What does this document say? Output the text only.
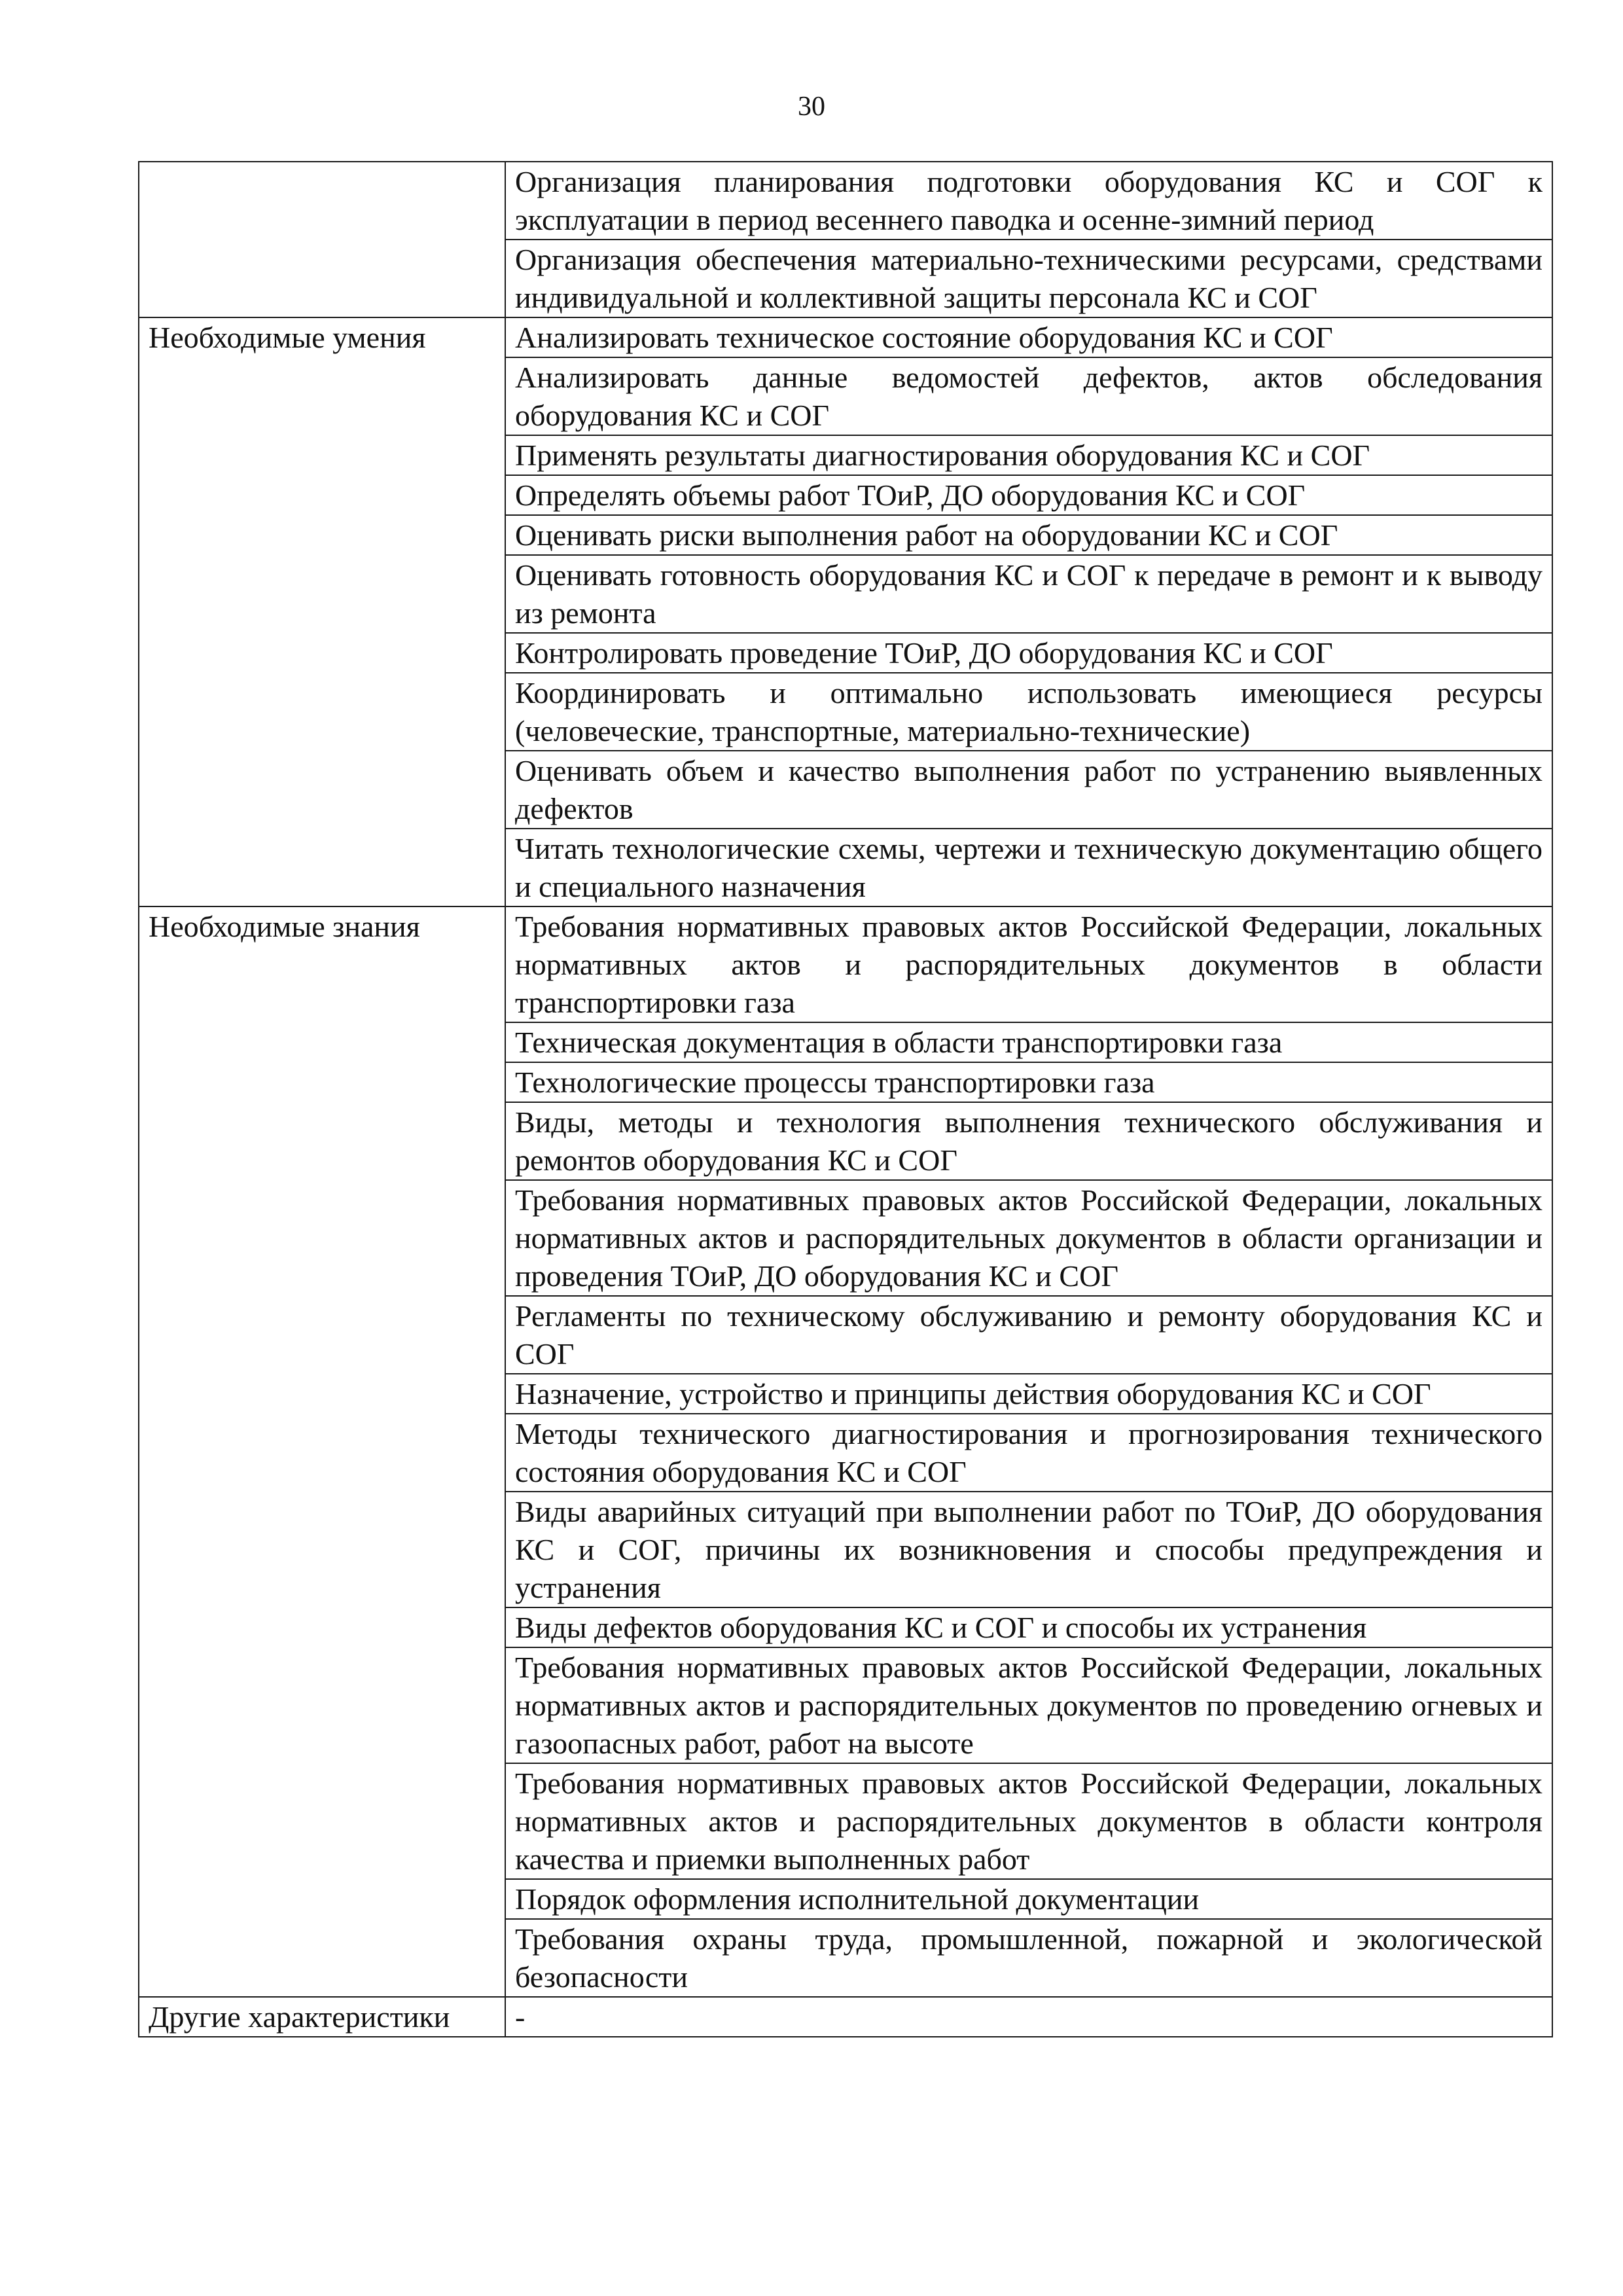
30
	Организация планирования подготовки оборудования КС и СОГ к эксплуатации в период весеннего паводка и осенне-зимний период
	Организация обеспечения материально-техническими ресурсами, средствами индивидуальной и коллективной защиты персонала КС и СОГ
Необходимые умения	Анализировать техническое состояние оборудования КС и СОГ
	Анализировать данные ведомостей дефектов, актов обследования оборудования КС и СОГ
	Применять результаты диагностирования оборудования КС и СОГ
	Определять объемы работ ТОиР, ДО оборудования КС и СОГ
	Оценивать риски выполнения работ на оборудовании КС и СОГ
	Оценивать готовность оборудования КС и СОГ к передаче в ремонт и к выводу из ремонта
	Контролировать проведение ТОиР, ДО оборудования КС и СОГ
	Координировать и оптимально использовать имеющиеся ресурсы (человеческие, транспортные, материально-технические)
	Оценивать объем и качество выполнения работ по устранению выявленных дефектов
	Читать технологические схемы, чертежи и техническую документацию общего и специального назначения
Необходимые знания	Требования нормативных правовых актов Российской Федерации, локальных нормативных актов и распорядительных документов в области транспортировки газа
	Техническая документация в области транспортировки газа
	Технологические процессы транспортировки газа
	Виды, методы и технология выполнения технического обслуживания и ремонтов оборудования КС и СОГ
	Требования нормативных правовых актов Российской Федерации, локальных нормативных актов и распорядительных документов в области организации и проведения ТОиР, ДО оборудования КС и СОГ
	Регламенты по техническому обслуживанию и ремонту оборудования КС и СОГ
	Назначение, устройство и принципы действия оборудования КС и СОГ
	Методы технического диагностирования и прогнозирования технического состояния оборудования КС и СОГ
	Виды аварийных ситуаций при выполнении работ по ТОиР, ДО оборудования КС и СОГ, причины их возникновения и способы предупреждения и устранения
	Виды дефектов оборудования КС и СОГ и способы их устранения
	Требования нормативных правовых актов Российской Федерации, локальных нормативных актов и распорядительных документов по проведению огневых и газоопасных работ, работ на высоте
	Требования нормативных правовых актов Российской Федерации, локальных нормативных актов и распорядительных документов в области контроля качества и приемки выполненных работ
	Порядок оформления исполнительной документации
	Требования охраны труда, промышленной, пожарной и экологической безопасности
Другие характеристики	-
